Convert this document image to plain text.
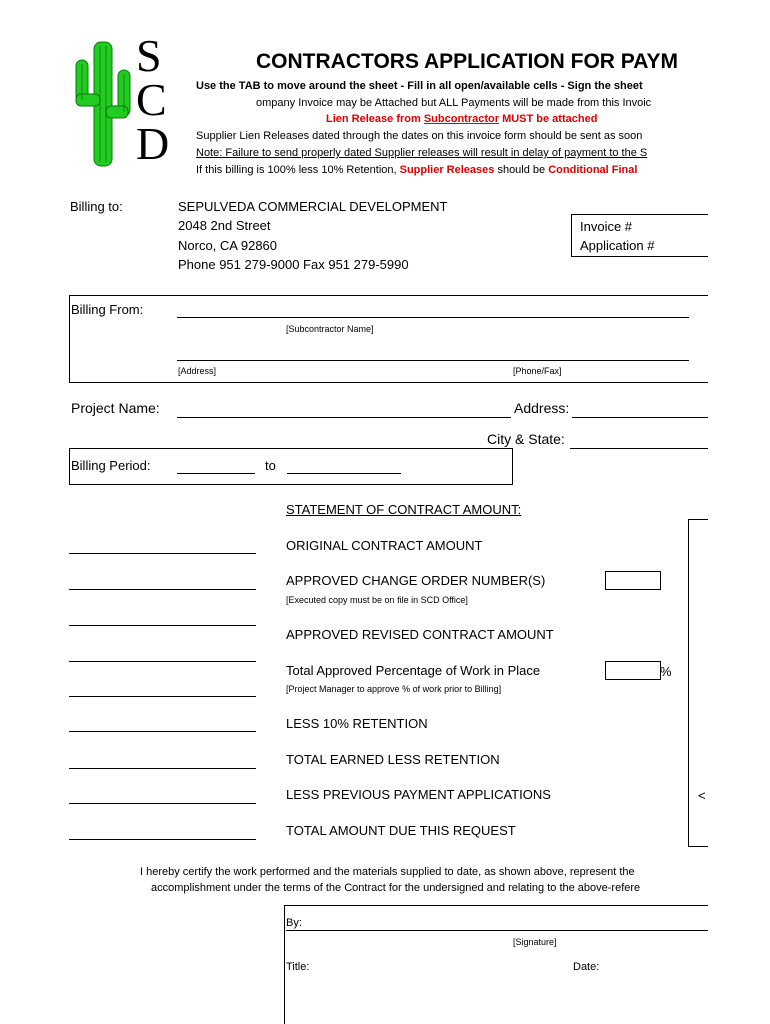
S
C
D
CONTRACTORS APPLICATION FOR PAYM
Use the TAB to move around the sheet - Fill in all open/available cells - Sign the sheet
ompany Invoice may be Attached but ALL Payments will be made from this Invoic
Lien Release from Subcontractor MUST be attached
Supplier Lien Releases dated through the dates on this invoice form should be sent as soon
Note: Failure to send properly dated Supplier releases will result in delay of payment to the S
If this billing is 100% less 10% Retention, Supplier Releases should be Conditional Final
Billing to:	SEPULVEDA COMMERCIAL DEVELOPMENT
2048 2nd Street
Norco, CA 92860
Phone 951 279-9000 Fax 951 279-5990
Invoice #
Application #
Billing From:
[Subcontractor Name]
[Address]	[Phone/Fax]
Project Name:	Address:
City & State:
Billing Period:	to
STATEMENT OF CONTRACT AMOUNT:
ORIGINAL CONTRACT AMOUNT
APPROVED CHANGE ORDER NUMBER(S)
[Executed copy must be on file in SCD Office]
APPROVED REVISED CONTRACT AMOUNT
Total Approved Percentage of Work in Place	%
[Project Manager to approve % of work prior to Billing]
LESS 10% RETENTION
TOTAL EARNED LESS RETENTION
LESS PREVIOUS PAYMENT APPLICATIONS
TOTAL AMOUNT DUE THIS REQUEST
<
I hereby certify the work performed and the materials supplied to date, as shown above, represent the
accomplishment under the terms of the Contract for the undersigned and relating to the above-refere
By:
[Signature]
Title:	Date:
